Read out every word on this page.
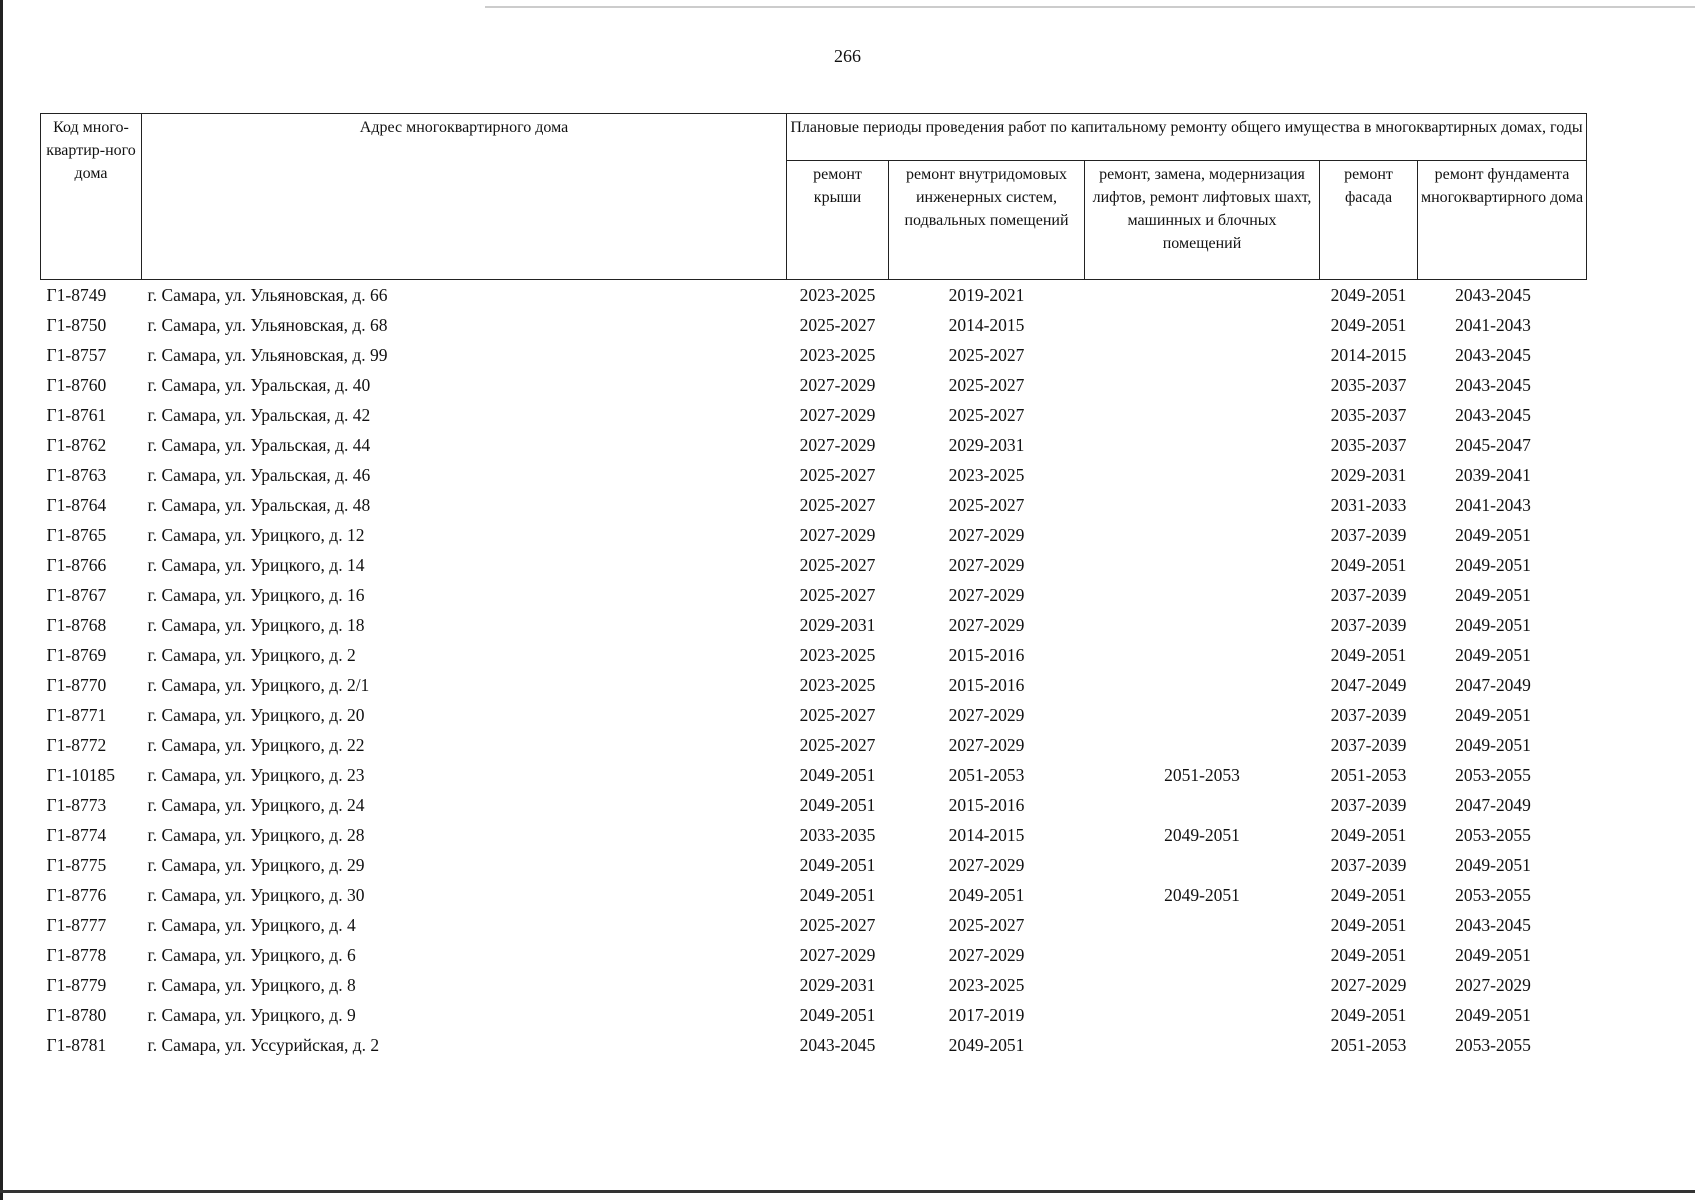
266
Код много-квартир-ного дома	Адрес многоквартирного дома	Плановые периоды проведения работ по капитальному ремонту общего имущества в многоквартирных домах, годы				
		ремонт крыши	ремонт внутридомовых инженерных систем, подвальных помещений	ремонт, замена, модернизация лифтов, ремонт лифтовых шахт, машинных и блочных помещений	ремонт фасада	ремонт фундамента многоквартирного дома
Г1-8749	г. Самара, ул. Ульяновская, д. 66	2023-2025	2019-2021		2049-2051	2043-2045
Г1-8750	г. Самара, ул. Ульяновская, д. 68	2025-2027	2014-2015		2049-2051	2041-2043
Г1-8757	г. Самара, ул. Ульяновская, д. 99	2023-2025	2025-2027		2014-2015	2043-2045
Г1-8760	г. Самара, ул. Уральская, д. 40	2027-2029	2025-2027		2035-2037	2043-2045
Г1-8761	г. Самара, ул. Уральская, д. 42	2027-2029	2025-2027		2035-2037	2043-2045
Г1-8762	г. Самара, ул. Уральская, д. 44	2027-2029	2029-2031		2035-2037	2045-2047
Г1-8763	г. Самара, ул. Уральская, д. 46	2025-2027	2023-2025		2029-2031	2039-2041
Г1-8764	г. Самара, ул. Уральская, д. 48	2025-2027	2025-2027		2031-2033	2041-2043
Г1-8765	г. Самара, ул. Урицкого, д. 12	2027-2029	2027-2029		2037-2039	2049-2051
Г1-8766	г. Самара, ул. Урицкого, д. 14	2025-2027	2027-2029		2049-2051	2049-2051
Г1-8767	г. Самара, ул. Урицкого, д. 16	2025-2027	2027-2029		2037-2039	2049-2051
Г1-8768	г. Самара, ул. Урицкого, д. 18	2029-2031	2027-2029		2037-2039	2049-2051
Г1-8769	г. Самара, ул. Урицкого, д. 2	2023-2025	2015-2016		2049-2051	2049-2051
Г1-8770	г. Самара, ул. Урицкого, д. 2/1	2023-2025	2015-2016		2047-2049	2047-2049
Г1-8771	г. Самара, ул. Урицкого, д. 20	2025-2027	2027-2029		2037-2039	2049-2051
Г1-8772	г. Самара, ул. Урицкого, д. 22	2025-2027	2027-2029		2037-2039	2049-2051
Г1-10185	г. Самара, ул. Урицкого, д. 23	2049-2051	2051-2053	2051-2053	2051-2053	2053-2055
Г1-8773	г. Самара, ул. Урицкого, д. 24	2049-2051	2015-2016		2037-2039	2047-2049
Г1-8774	г. Самара, ул. Урицкого, д. 28	2033-2035	2014-2015	2049-2051	2049-2051	2053-2055
Г1-8775	г. Самара, ул. Урицкого, д. 29	2049-2051	2027-2029		2037-2039	2049-2051
Г1-8776	г. Самара, ул. Урицкого, д. 30	2049-2051	2049-2051	2049-2051	2049-2051	2053-2055
Г1-8777	г. Самара, ул. Урицкого, д. 4	2025-2027	2025-2027		2049-2051	2043-2045
Г1-8778	г. Самара, ул. Урицкого, д. 6	2027-2029	2027-2029		2049-2051	2049-2051
Г1-8779	г. Самара, ул. Урицкого, д. 8	2029-2031	2023-2025		2027-2029	2027-2029
Г1-8780	г. Самара, ул. Урицкого, д. 9	2049-2051	2017-2019		2049-2051	2049-2051
Г1-8781	г. Самара, ул. Уссурийская, д. 2	2043-2045	2049-2051		2051-2053	2053-2055
